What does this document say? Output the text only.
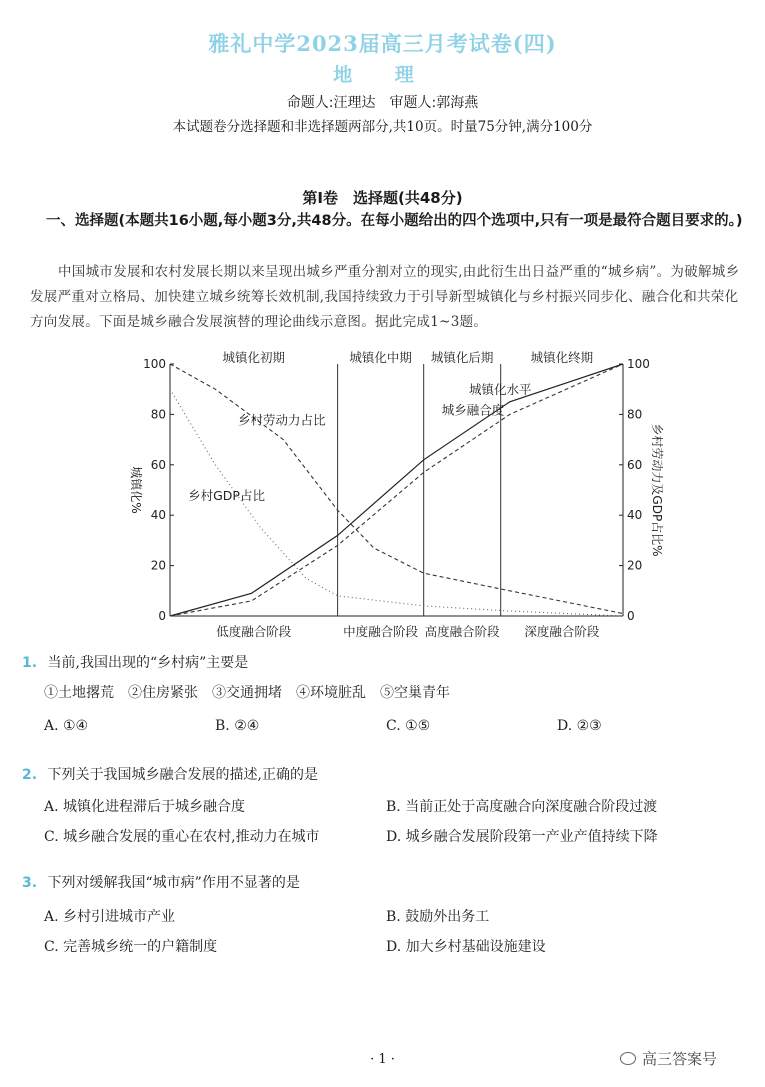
雅礼中学2023届高三月考试卷(四)
地 理
命题人:汪理达　审题人:郭海燕
本试题卷分选择题和非选择题两部分,共10页。时量75分钟,满分100分
第Ⅰ卷　选择题(共48分)
一、选择题(本题共16小题,每小题3分,共48分。在每小题给出的四个选项中,只有一项是最符合题目要求的。)
中国城市发展和农村发展长期以来呈现出城乡严重分割对立的现实,由此衍生出日益严重的“城乡病”。为破解城乡发展严重对立格局、加快建立城乡统筹长效机制,我国持续致力于引导新型城镇化与乡村振兴同步化、融合化和共荣化方向发展。下面是城乡融合发展演替的理论曲线示意图。据此完成1~3题。
0	0
20	20
40	40
60	60
80	80
100	100
城镇化初期	城镇化中期 城镇化后期	城镇化终期
低度融合阶段	中度融合阶段 高度融合阶段 深度融合阶段
城镇化%	乡村劳动力及GDP占比%
城镇化水平
城乡融合度
乡村劳动力占比
乡村GDP占比
1. 当前,我国出现的“乡村病”主要是
①土地撂荒　②住房紧张　③交通拥堵　④环境脏乱　⑤空巢青年
A. ①④	B. ②④	C. ①⑤	D. ②③
2. 下列关于我国城乡融合发展的描述,正确的是
A. 城镇化进程滞后于城乡融合度	B. 当前正处于高度融合向深度融合阶段过渡
C. 城乡融合发展的重心在农村,推动力在城市	D. 城乡融合发展阶段第一产业产值持续下降
3. 下列对缓解我国“城市病”作用不显著的是
A. 乡村引进城市产业	B. 鼓励外出务工
C. 完善城乡统一的户籍制度	D. 加大乡村基础设施建设
· 1 ·	高三答案号
